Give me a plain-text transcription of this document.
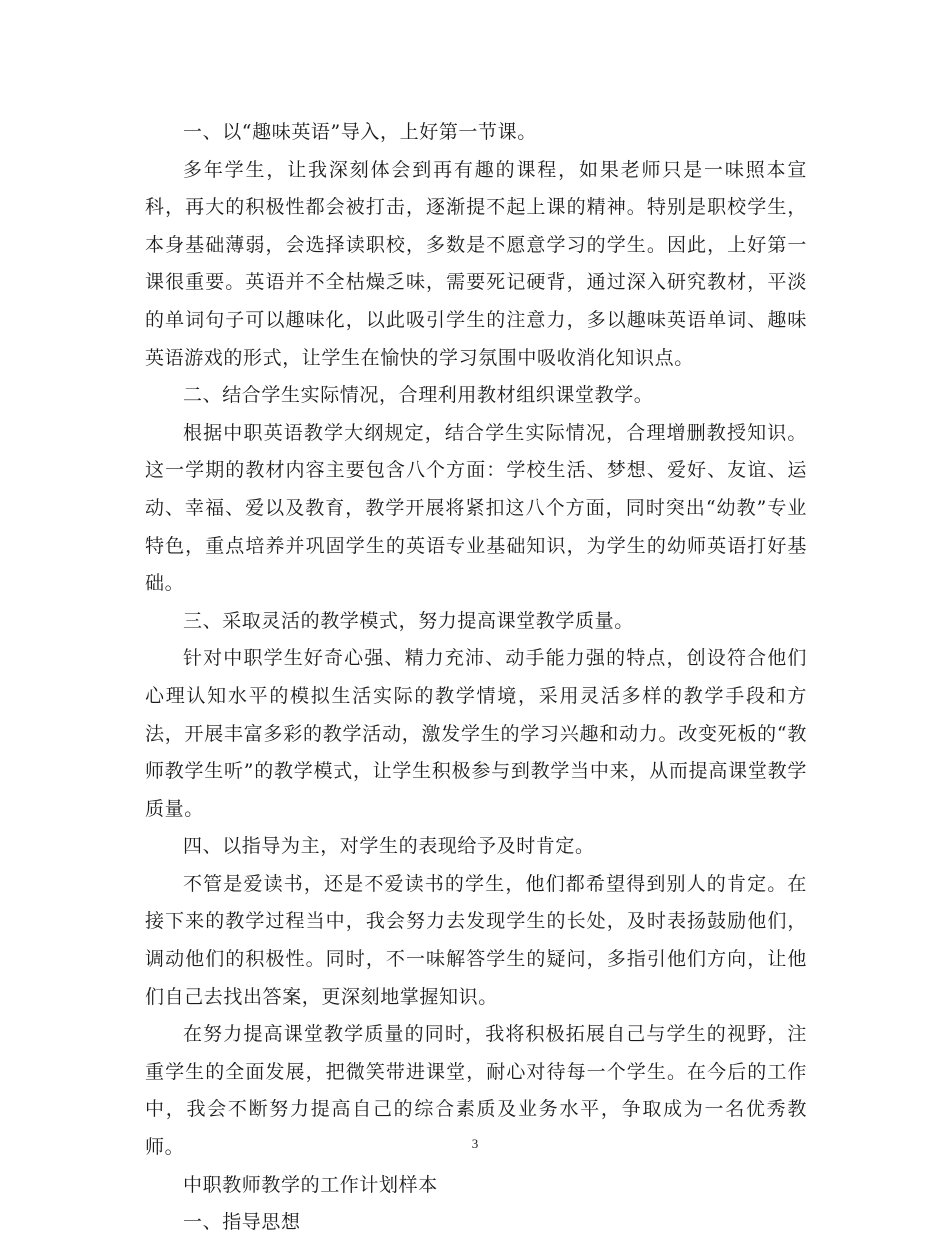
一、以“趣味英语”导入，上好第一节课。

多年学生，让我深刻体会到再有趣的课程，如果老师只是一味照本宣科，再大的积极性都会被打击，逐渐提不起上课的精神。特别是职校学生，本身基础薄弱，会选择读职校，多数是不愿意学习的学生。因此，上好第一课很重要。英语并不全枯燥乏味，需要死记硬背，通过深入研究教材，平淡的单词句子可以趣味化，以此吸引学生的注意力，多以趣味英语单词、趣味英语游戏的形式，让学生在愉快的学习氛围中吸收消化知识点。

二、结合学生实际情况，合理利用教材组织课堂教学。

根据中职英语教学大纲规定，结合学生实际情况，合理增删教授知识。这一学期的教材内容主要包含八个方面：学校生活、梦想、爱好、友谊、运动、幸福、爱以及教育，教学开展将紧扣这八个方面，同时突出“幼教”专业特色，重点培养并巩固学生的英语专业基础知识，为学生的幼师英语打好基础。

三、采取灵活的教学模式，努力提高课堂教学质量。

针对中职学生好奇心强、精力充沛、动手能力强的特点，创设符合他们心理认知水平的模拟生活实际的教学情境，采用灵活多样的教学手段和方法，开展丰富多彩的教学活动，激发学生的学习兴趣和动力。改变死板的“教师教学生听”的教学模式，让学生积极参与到教学当中来，从而提高课堂教学质量。

四、以指导为主，对学生的表现给予及时肯定。

不管是爱读书，还是不爱读书的学生，他们都希望得到别人的肯定。在接下来的教学过程当中，我会努力去发现学生的长处，及时表扬鼓励他们，调动他们的积极性。同时，不一味解答学生的疑问，多指引他们方向，让他们自己去找出答案，更深刻地掌握知识。

在努力提高课堂教学质量的同时，我将积极拓展自己与学生的视野，注重学生的全面发展，把微笑带进课堂，耐心对待每一个学生。在今后的工作中，我会不断努力提高自己的综合素质及业务水平，争取成为一名优秀教师。

中职教师教学的工作计划样本

一、指导思想

3
